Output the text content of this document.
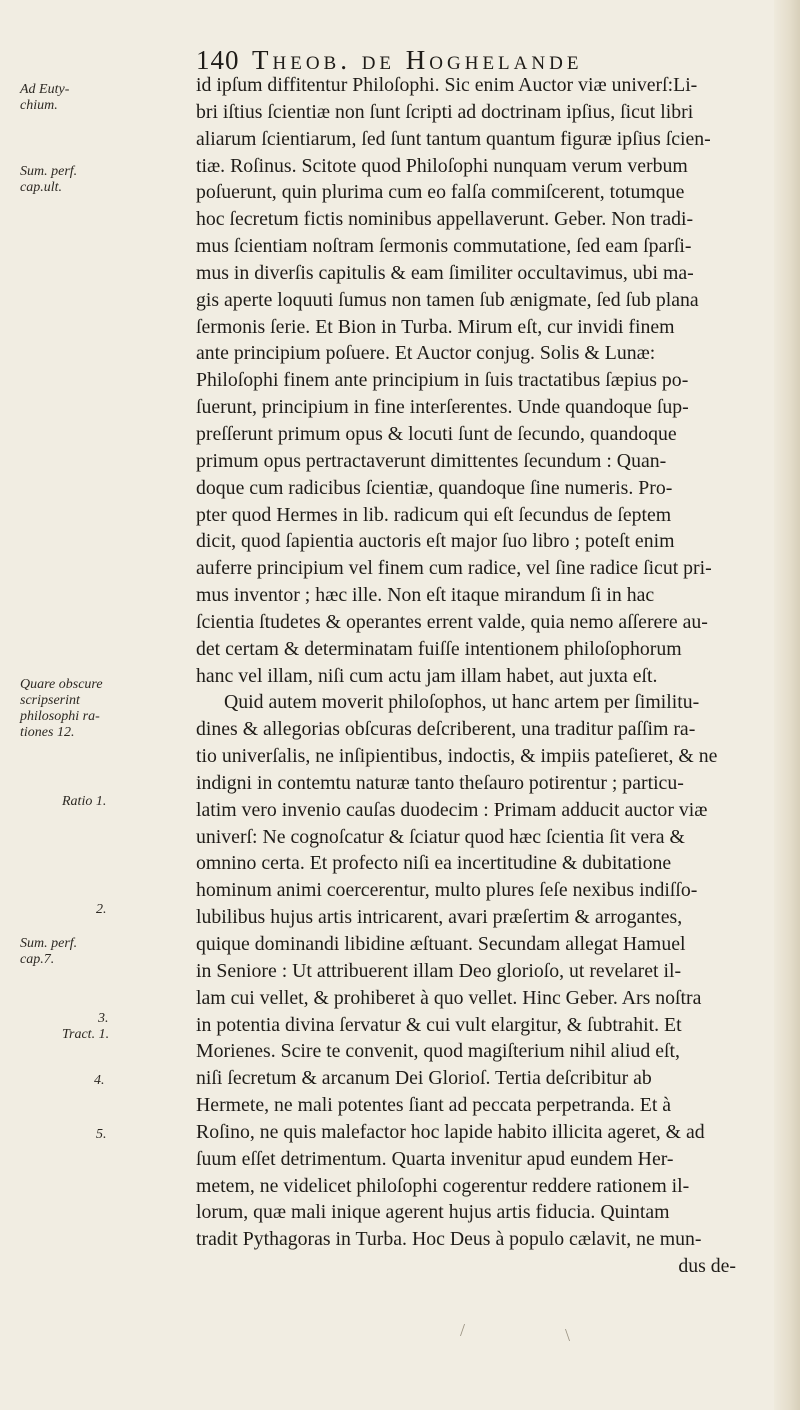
140 Theob. de Hoghelande
Ad Euty-
chium.
Sum. perf.
cap.ult.
Quare obscure
scripserint
philosophi ra-
tiones 12.
Ratio 1.
2.
Sum. perf.
cap.7.
3.
Tract. 1.
4.
5.
id ipſum diffitentur Philoſophi. Sic enim Auctor viæ univerſ:Li-
bri iſtius ſcientiæ non ſunt ſcripti ad doctrinam ipſius, ſicut libri
aliarum ſcientiarum, ſed ſunt tantum quantum figuræ ipſius ſcien-
tiæ. Roſinus. Scitote quod Philoſophi nunquam verum verbum
poſuerunt, quin plurima cum eo falſa commiſcerent, totumque
hoc ſecretum fictis nominibus appellaverunt. Geber. Non tradi-
mus ſcientiam noſtram ſermonis commutatione, ſed eam ſparſi-
mus in diverſis capitulis & eam ſimiliter occultavimus, ubi ma-
gis aperte loquuti ſumus non tamen ſub ænigmate, ſed ſub plana
ſermonis ſerie. Et Bion in Turba. Mirum eſt, cur invidi finem
ante principium poſuere. Et Auctor conjug. Solis & Lunæ:
Philoſophi finem ante principium in ſuis tractatibus ſæpius po-
ſuerunt, principium in fine interſerentes. Unde quandoque ſup-
preſſerunt primum opus & locuti ſunt de ſecundo, quandoque
primum opus pertractaverunt dimittentes ſecundum : Quan-
doque cum radicibus ſcientiæ, quandoque ſine numeris. Pro-
pter quod Hermes in lib. radicum qui eſt ſecundus de ſeptem
dicit, quod ſapientia auctoris eſt major ſuo libro ; poteſt enim
auferre principium vel finem cum radice, vel ſine radice ſicut pri-
mus inventor ; hæc ille. Non eſt itaque mirandum ſi in hac
ſcientia ſtudetes & operantes errent valde, quia nemo aſſerere au-
det certam & determinatam fuiſſe intentionem philoſophorum
hanc vel illam, niſi cum actu jam illam habet, aut juxta eſt.
Quid autem moverit philoſophos, ut hanc artem per ſimilitu-
dines & allegorias obſcuras deſcriberent, una traditur paſſim ra-
tio univerſalis, ne inſipientibus, indoctis, & impiis pateſieret, & ne
indigni in contemtu naturæ tanto theſauro potirentur ; particu-
latim vero invenio cauſas duodecim : Primam adducit auctor viæ
univerſ: Ne cognoſcatur & ſciatur quod hæc ſcientia ſit vera &
omnino certa. Et profecto niſi ea incertitudine & dubitatione
hominum animi coercerentur, multo plures ſeſe nexibus indiſſo-
lubilibus hujus artis intricarent, avari præſertim & arrogantes,
quique dominandi libidine æſtuant. Secundam allegat Hamuel
in Seniore : Ut attribuerent illam Deo glorioſo, ut revelaret il-
lam cui vellet, & prohiberet à quo vellet. Hinc Geber. Ars noſtra
in potentia divina ſervatur & cui vult elargitur, & ſubtrahit. Et
Morienes. Scire te convenit, quod magiſterium nihil aliud eſt,
niſi ſecretum & arcanum Dei Glorioſ. Tertia deſcribitur ab
Hermete, ne mali potentes ſiant ad peccata perpetranda. Et à
Roſino, ne quis malefactor hoc lapide habito illicita ageret, & ad
ſuum eſſet detrimentum. Quarta invenitur apud eundem Her-
metem, ne videlicet philoſophi cogerentur reddere rationem il-
lorum, quæ mali inique agerent hujus artis fiducia. Quintam
tradit Pythagoras in Turba. Hoc Deus à populo cælavit, ne mun-
dus de-
/	\
